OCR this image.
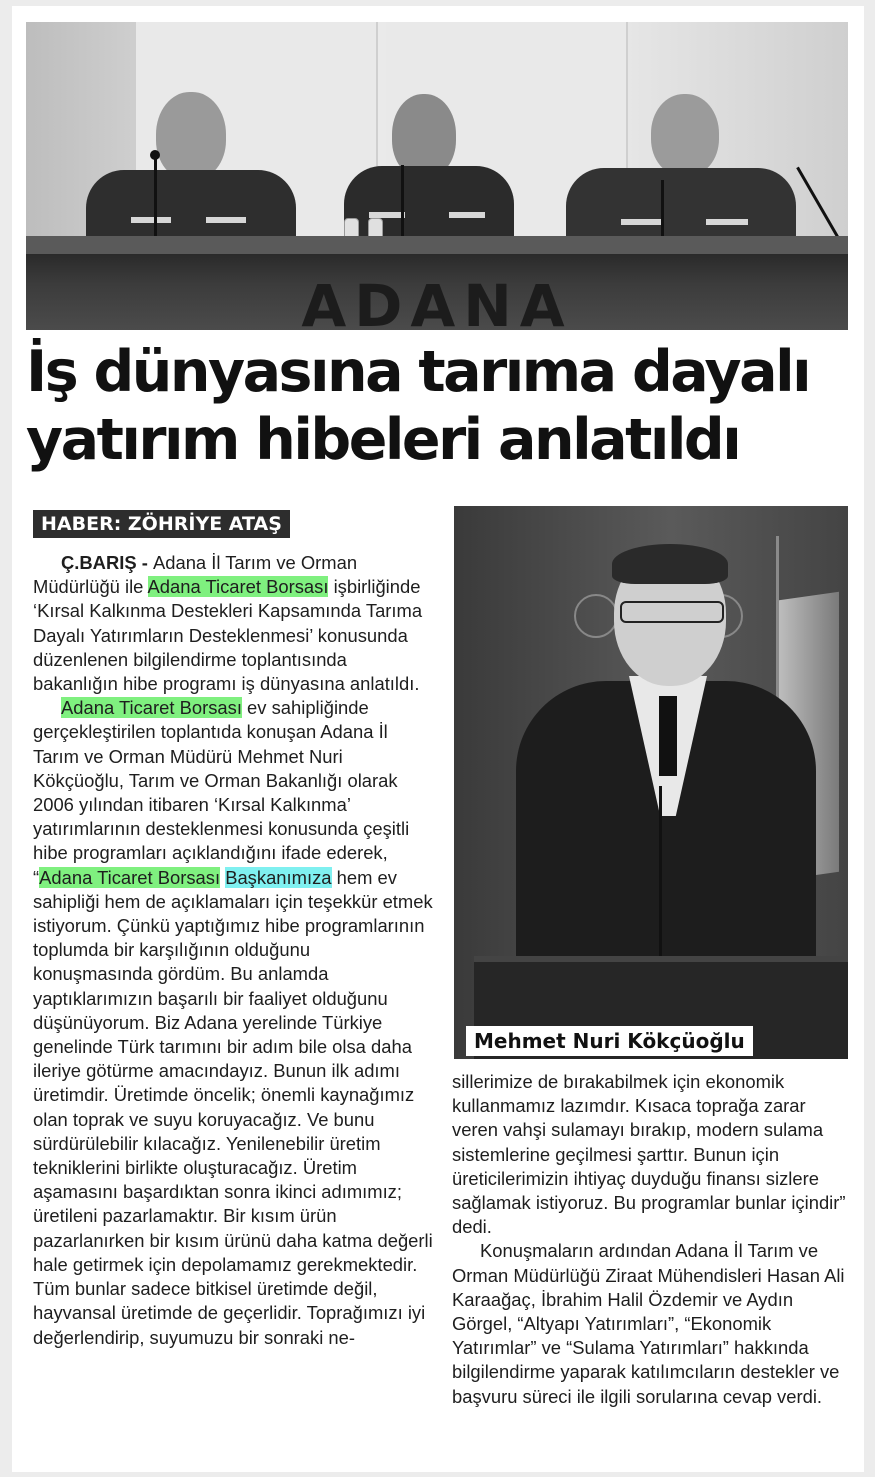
ADANA
İş dünyasına tarıma dayalı
yatırım hibeleri anlatıldı
HABER: ZÖHRİYE ATAŞ

Ç.BARIŞ - Adana İl Tarım ve Orman Müdürlüğü ile Adana Ticaret Borsası işbirliğinde ‘Kırsal Kalkınma Destekleri Kapsamında Tarıma Dayalı Yatırımların Desteklenmesi’ konusunda düzenlenen bilgilendirme toplantısında bakanlığın hibe programı iş dünyasına anlatıldı.

Adana Ticaret Borsası ev sahipliğinde gerçekleştirilen toplantıda konuşan Adana İl Tarım ve Orman Müdürü Mehmet Nuri Kökçüoğlu, Tarım ve Orman Bakanlığı olarak 2006 yılından itibaren ‘Kırsal Kalkınma’ yatırımlarının desteklenmesi konusunda çeşitli hibe programları açıklandığını ifade ederek, “Adana Ticaret Borsası Başkanımıza hem ev sahipliği hem de açıklamaları için teşekkür etmek istiyorum. Çünkü yaptığımız hibe programlarının toplumda bir karşılığının olduğunu konuşmasında gördüm. Bu anlamda yaptıklarımızın başarılı bir faaliyet olduğunu düşünüyorum. Biz Adana yerelinde Türkiye genelinde Türk tarımını bir adım bile olsa daha ileriye götürme amacındayız. Bunun ilk adımı üretimdir. Üretimde öncelik; önemli kaynağımız olan toprak ve suyu koruyacağız. Ve bunu sürdürülebilir kılacağız. Yenilenebilir üretim tekniklerini birlikte oluşturacağız. Üretim aşamasını başardıktan sonra ikinci adımımız; üretileni pazarlamaktır. Bir kısım ürün pazarlanırken bir kısım ürünü daha katma değerli hale getirmek için depolamamız gerekmektedir. Tüm bunlar sadece bitkisel üretimde değil, hayvansal üretimde de geçerlidir. Toprağımızı iyi değerlendirip, suyumuzu bir sonraki ne-

Mehmet Nuri Kökçüoğlu

sillerimize de bırakabilmek için ekonomik kullanmamız lazımdır. Kısaca toprağa zarar veren vahşi sulamayı bırakıp, modern sulama sistemlerine geçilmesi şarttır. Bunun için üreticilerimizin ihtiyaç duyduğu finansı sizlere sağlamak istiyoruz. Bu programlar bunlar içindir” dedi.

Konuşmaların ardından Adana İl Tarım ve Orman Müdürlüğü Ziraat Mühendisleri Hasan Ali Karaağaç, İbrahim Halil Özdemir ve Aydın Görgel, “Altyapı Yatırımları”, “Ekonomik Yatırımlar” ve “Sulama Yatırımları” hakkında bilgilendirme yaparak katılımcıların destekler ve başvuru süreci ile ilgili sorularına cevap verdi.
